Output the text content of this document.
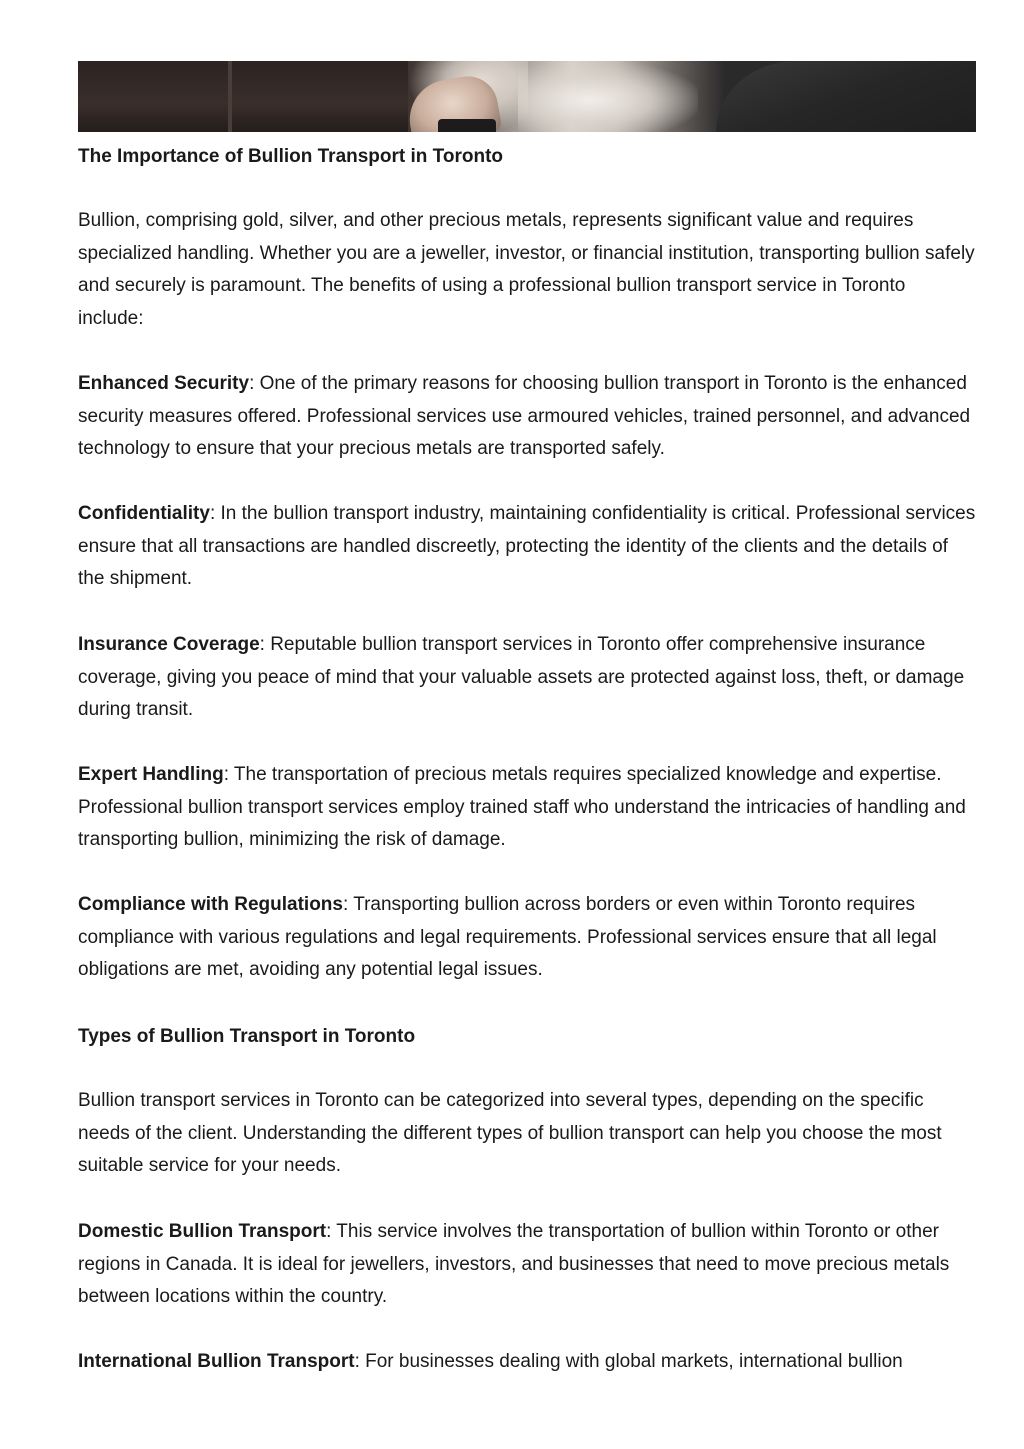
The Importance of Bullion Transport in Toronto

Bullion, comprising gold, silver, and other precious metals, represents significant value and requires specialized handling. Whether you are a jeweller, investor, or financial institution, transporting bullion safely and securely is paramount. The benefits of using a professional bullion transport service in Toronto include:

Enhanced Security: One of the primary reasons for choosing bullion transport in Toronto is the enhanced security measures offered. Professional services use armoured vehicles, trained personnel, and advanced technology to ensure that your precious metals are transported safely.

Confidentiality: In the bullion transport industry, maintaining confidentiality is critical. Professional services ensure that all transactions are handled discreetly, protecting the identity of the clients and the details of the shipment.

Insurance Coverage: Reputable bullion transport services in Toronto offer comprehensive insurance coverage, giving you peace of mind that your valuable assets are protected against loss, theft, or damage during transit.

Expert Handling: The transportation of precious metals requires specialized knowledge and expertise. Professional bullion transport services employ trained staff who understand the intricacies of handling and transporting bullion, minimizing the risk of damage.

Compliance with Regulations: Transporting bullion across borders or even within Toronto requires compliance with various regulations and legal requirements. Professional services ensure that all legal obligations are met, avoiding any potential legal issues.

Types of Bullion Transport in Toronto

Bullion transport services in Toronto can be categorized into several types, depending on the specific needs of the client. Understanding the different types of bullion transport can help you choose the most suitable service for your needs.

Domestic Bullion Transport: This service involves the transportation of bullion within Toronto or other regions in Canada. It is ideal for jewellers, investors, and businesses that need to move precious metals between locations within the country.

International Bullion Transport: For businesses dealing with global markets, international bullion
